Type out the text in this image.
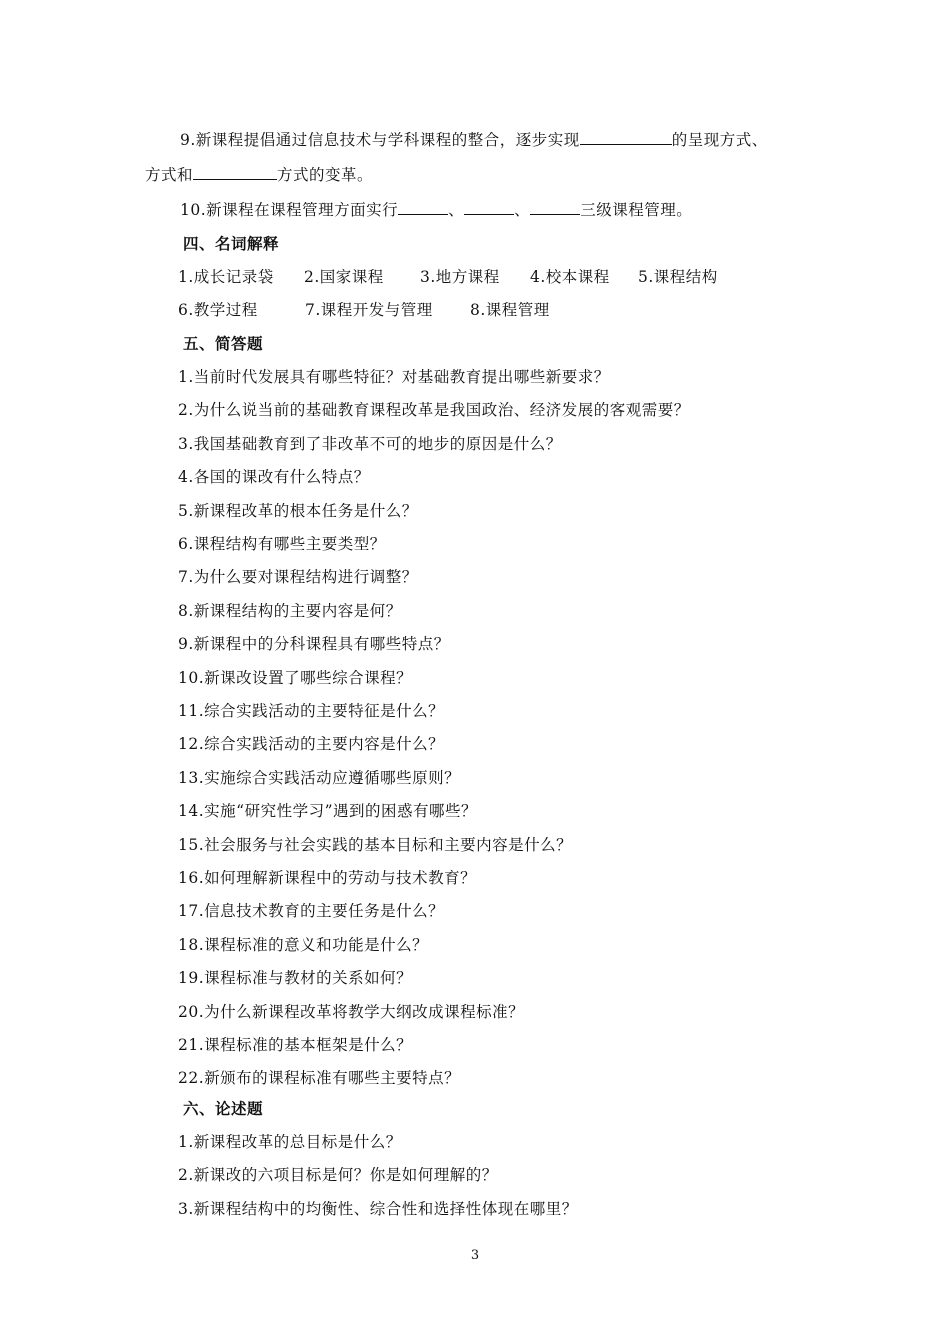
9.新课程提倡通过信息技术与学科课程的整合，逐步实现	的呈现方式、
方式和	方式的变革。
10.新课程在课程管理方面实行	、	、	三级课程管理。
四、名词解释
1.成长记录袋 2.国家课程 3.地方课程 4.校本课程 5.课程结构
6.教学过程	7.课程开发与管理 8.课程管理
五、简答题
1.当前时代发展具有哪些特征？对基础教育提出哪些新要求？
2.为什么说当前的基础教育课程改革是我国政治、经济发展的客观需要？
3.我国基础教育到了非改革不可的地步的原因是什么？
4.各国的课改有什么特点？
5.新课程改革的根本任务是什么？
6.课程结构有哪些主要类型？
7.为什么要对课程结构进行调整？
8.新课程结构的主要内容是何？
9.新课程中的分科课程具有哪些特点？
10.新课改设置了哪些综合课程？
11.综合实践活动的主要特征是什么？
12.综合实践活动的主要内容是什么？
13.实施综合实践活动应遵循哪些原则？
14.实施“研究性学习”遇到的困惑有哪些？
15.社会服务与社会实践的基本目标和主要内容是什么？
16.如何理解新课程中的劳动与技术教育？
17.信息技术教育的主要任务是什么？
18.课程标准的意义和功能是什么？
19.课程标准与教材的关系如何？
20.为什么新课程改革将教学大纲改成课程标准？
21.课程标准的基本框架是什么？
22.新颁布的课程标准有哪些主要特点？
六、论述题
1.新课程改革的总目标是什么？
2.新课改的六项目标是何？你是如何理解的？
3.新课程结构中的均衡性、综合性和选择性体现在哪里？
3
